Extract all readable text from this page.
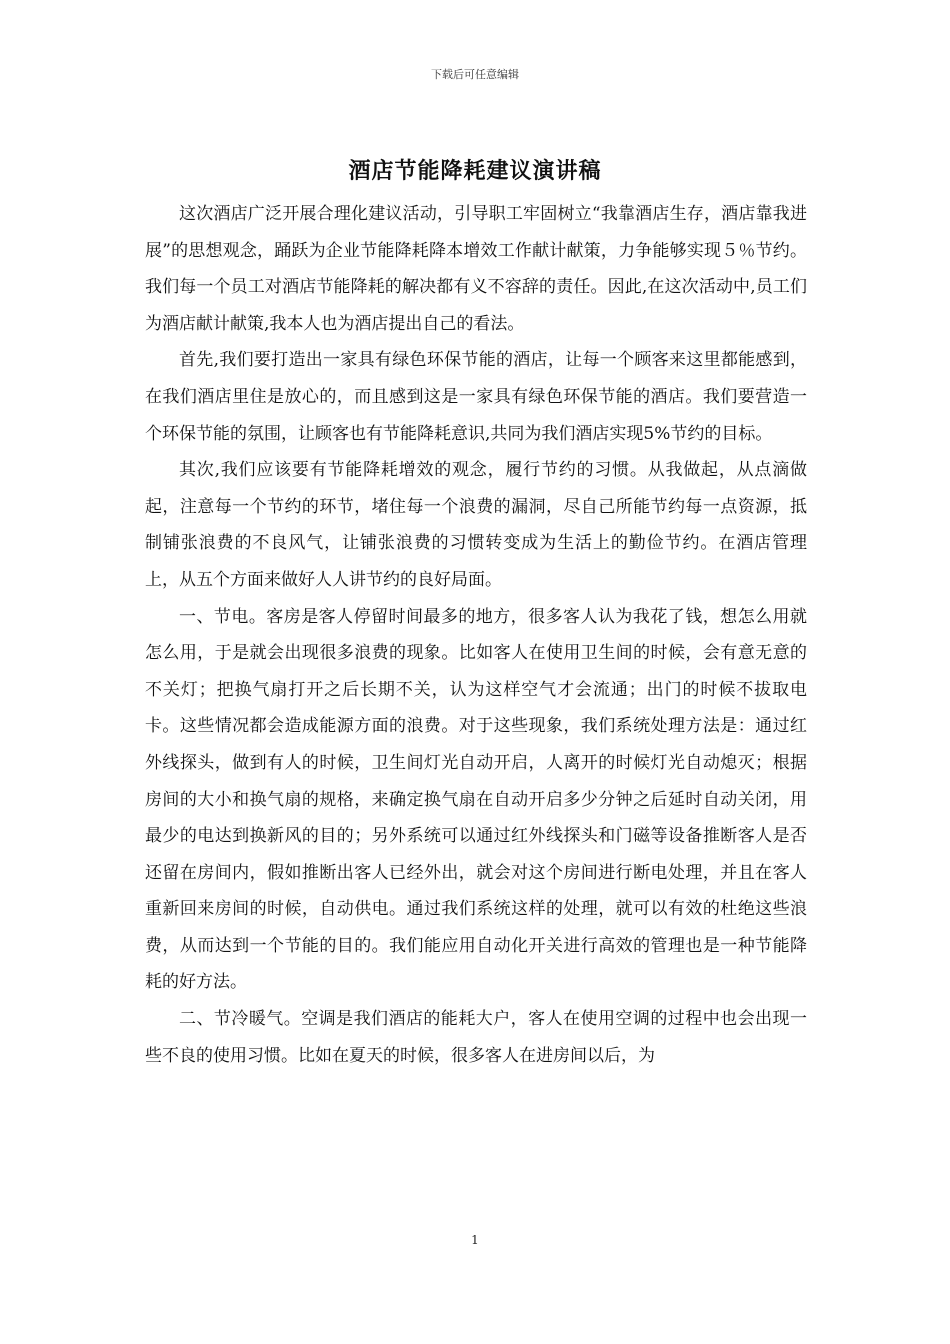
下载后可任意编辑
酒店节能降耗建议演讲稿

这次酒店广泛开展合理化建议活动，引导职工牢固树立“我靠酒店生存，酒店靠我进展”的思想观念，踊跃为企业节能降耗降本增效工作献计献策，力争能够实现５％节约。我们每一个员工对酒店节能降耗的解决都有义不容辞的责任。因此,在这次活动中,员工们为酒店献计献策,我本人也为酒店提出自己的看法。

首先,我们要打造出一家具有绿色环保节能的酒店，让每一个顾客来这里都能感到，在我们酒店里住是放心的，而且感到这是一家具有绿色环保节能的酒店。我们要营造一个环保节能的氛围，让顾客也有节能降耗意识,共同为我们酒店实现5%节约的目标。

其次,我们应该要有节能降耗增效的观念，履行节约的习惯。从我做起，从点滴做起，注意每一个节约的环节，堵住每一个浪费的漏洞，尽自己所能节约每一点资源，抵制铺张浪费的不良风气，让铺张浪费的习惯转变成为生活上的勤俭节约。在酒店管理上，从五个方面来做好人人讲节约的良好局面。

一、节电。客房是客人停留时间最多的地方，很多客人认为我花了钱，想怎么用就怎么用，于是就会出现很多浪费的现象。比如客人在使用卫生间的时候，会有意无意的不关灯；把换气扇打开之后长期不关，认为这样空气才会流通；出门的时候不拔取电卡。这些情况都会造成能源方面的浪费。对于这些现象，我们系统处理方法是：通过红外线探头，做到有人的时候，卫生间灯光自动开启，人离开的时候灯光自动熄灭；根据房间的大小和换气扇的规格，来确定换气扇在自动开启多少分钟之后延时自动关闭，用最少的电达到换新风的目的；另外系统可以通过红外线探头和门磁等设备推断客人是否还留在房间内，假如推断出客人已经外出，就会对这个房间进行断电处理，并且在客人重新回来房间的时候，自动供电。通过我们系统这样的处理，就可以有效的杜绝这些浪费，从而达到一个节能的目的。我们能应用自动化开关进行高效的管理也是一种节能降耗的好方法。

二、节冷暖气。空调是我们酒店的能耗大户，客人在使用空调的过程中也会出现一些不良的使用习惯。比如在夏天的时候，很多客人在进房间以后，为

1
